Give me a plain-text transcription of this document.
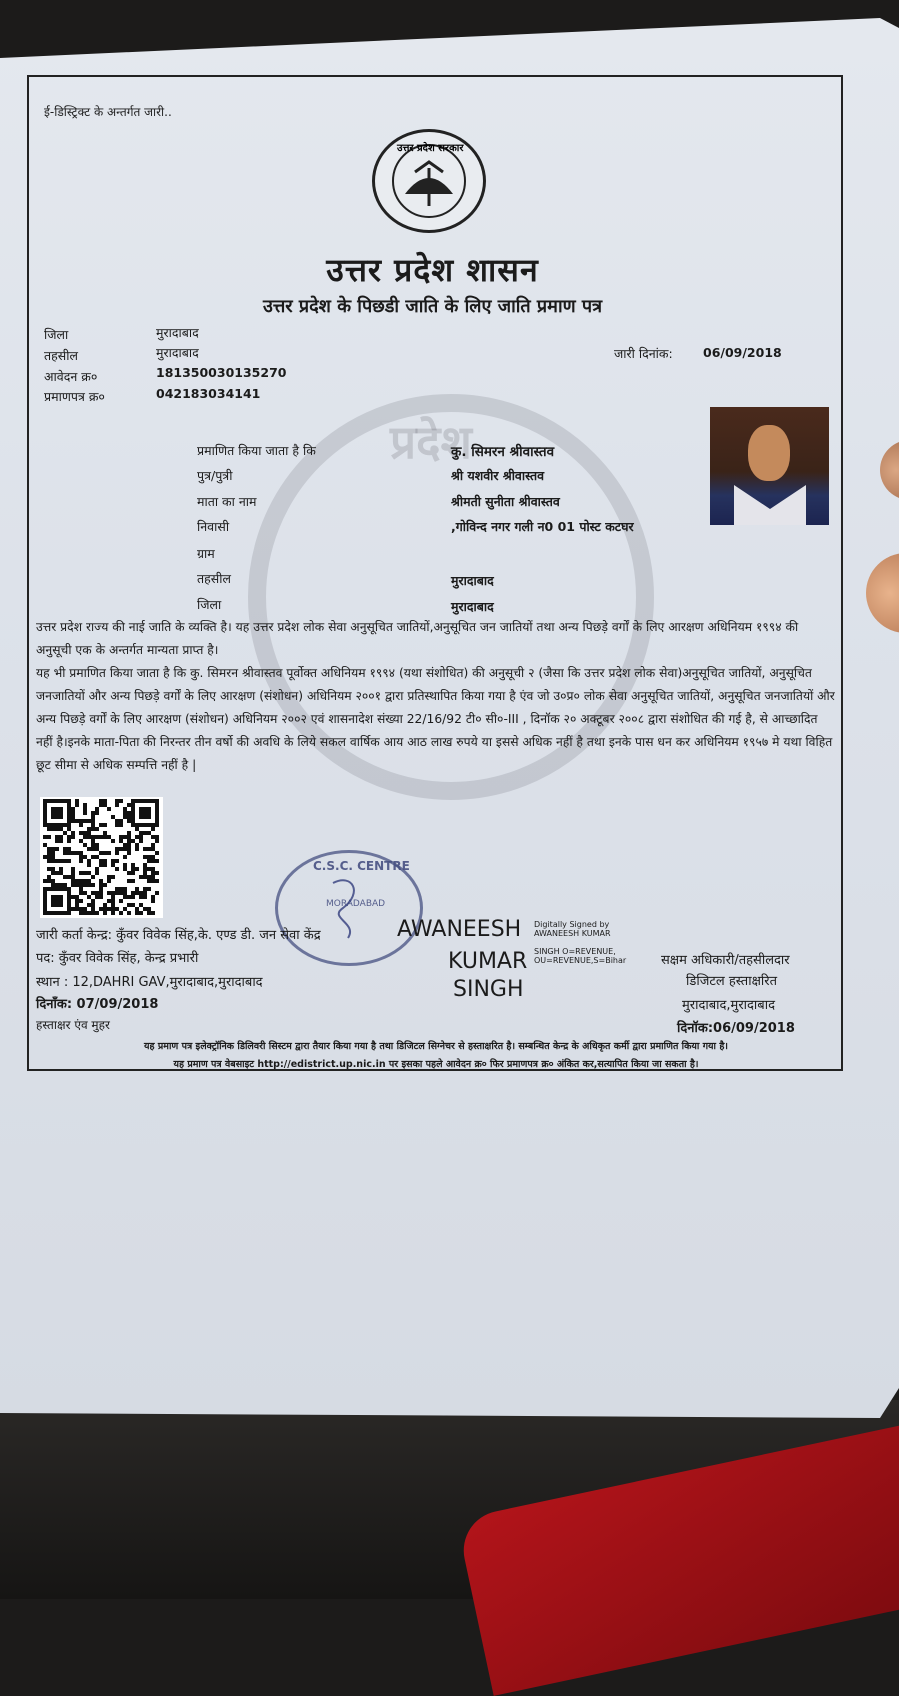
ई-डिस्ट्रिक्ट के अन्तर्गत जारी..
उत्तर प्रदेश सरकार
उत्तर प्रदेश शासन
उत्तर प्रदेश के पिछडी जाति के लिए जाति प्रमाण पत्र
जिला	मुरादाबाद
तहसील	मुरादाबाद
आवेदन क्र०	181350030135270
प्रमाणपत्र क्र०	042183034141
जारी दिनांक: 06/09/2018
प्रदेश
प्रमाणित किया जाता है कि	कु. सिमरन श्रीवास्तव
पुत्र/पुत्री	श्री यशवीर श्रीवास्तव
माता का नाम	श्रीमती सुनीता श्रीवास्तव
निवासी	,गोविन्द नगर गली न0 01 पोस्ट कटघर
ग्राम
तहसील	मुरादाबाद
जिला	मुरादाबाद
उत्तर प्रदेश राज्य की नाई जाति के व्यक्ति है। यह उत्तर प्रदेश लोक सेवा अनुसूचित जातियों,अनुसूचित जन जातियों तथा अन्य पिछड़े वर्गों के लिए आरक्षण अधिनियम १९९४ की अनुसूची एक के अन्तर्गत मान्यता प्राप्त है।
यह भी प्रमाणित किया जाता है कि कु. सिमरन श्रीवास्तव पूर्वोक्त अधिनियम १९९४ (यथा संशोधित) की अनुसूची २ (जैसा कि उत्तर प्रदेश लोक सेवा)अनुसूचित जातियों, अनुसूचित जनजातियों और अन्य पिछड़े वर्गों के लिए आरक्षण (संशोधन) अधिनियम २००१ द्वारा प्रतिस्थापित किया गया है एंव जो उ०प्र० लोक सेवा अनुसूचित जातियों, अनुसूचित जनजातियों और अन्य पिछड़े वर्गों के लिए आरक्षण (संशोधन) अधिनियम २००२ एवं शासनादेश संख्या 22/16/92 टी० सी०-III , दिनॉक २० अक्टूबर २००८ द्वारा संशोधित की गई है, से आच्छादित नहीं है।इनके माता-पिता की निरन्तर तीन वर्षो की अवधि के लिये सकल वार्षिक आय आठ लाख रुपये या इससे अधिक नहीं है तथा इनके पास धन कर अधिनियम १९५७ मे यथा विहित छूट सीमा से अधिक सम्पत्ति नहीं है |
C.S.C. CENTRE
MORADABAD
जारी कर्ता केन्द्र: कुँवर विवेक सिंह,के. एण्ड डी. जन सेवा केंद्र
पद: कुँवर विवेक सिंह, केन्द्र प्रभारी
स्थान : 12,DAHRI GAV,मुरादाबाद,मुरादाबाद
दिनाँक: 07/09/2018
हस्ताक्षर एंव मुहर
AWANEESH
KUMAR
SINGH
Digitally Signed by
AWANEESH KUMAR
SINGH O=REVENUE,
OU=REVENUE,S=Bihar	सक्षम अधिकारी/तहसीलदार
डिजिटल हस्ताक्षरित
मुरादाबाद,मुरादाबाद
दिनॉक:06/09/2018
यह प्रमाण पत्र इलेक्ट्रॉनिक डिलिवरी सिस्टम द्वारा तैयार किया गया है तथा डिजिटल सिग्नेचर से हस्ताक्षरित है। सम्बन्धित केन्द्र के अधिकृत कर्मी द्वारा प्रमाणित किया गया है।
यह प्रमाण पत्र वेबसाइट http://edistrict.up.nic.in पर इसका पहले आवेदन क्र० फिर प्रमाणपत्र क्र० अंकित कर,सत्यापित किया जा सकता है।
